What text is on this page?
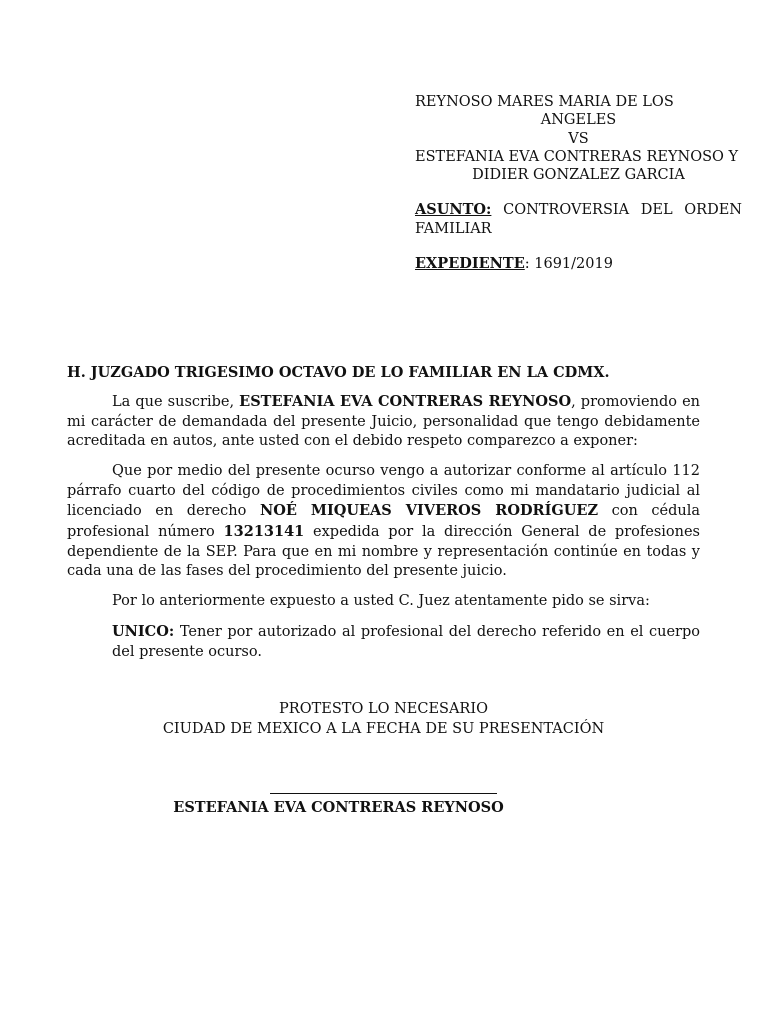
REYNOSO MARES MARIA DE LOS
ANGELES
VS
ESTEFANIA EVA CONTRERAS REYNOSO Y
DIDIER GONZALEZ GARCIA
ASUNTO: CONTROVERSIA DEL ORDEN FAMILIAR
EXPEDIENTE: 1691/2019
H. JUZGADO TRIGESIMO OCTAVO DE LO FAMILIAR EN LA CDMX.

La que suscribe, ESTEFANIA EVA CONTRERAS REYNOSO, promoviendo en mi carácter de demandada del presente Juicio, personalidad que tengo debidamente acreditada en autos, ante usted con el debido respeto comparezco a exponer:

Que por medio del presente ocurso vengo a autorizar conforme al artículo 112 párrafo cuarto del código de procedimientos civiles como mi mandatario judicial al licenciado en derecho NOÉ MIQUEAS VIVEROS RODRÍGUEZ con cédula profesional número 13213141 expedida por la dirección General de profesiones dependiente de la SEP. Para que en mi nombre y representación continúe en todas y cada una de las fases del procedimiento del presente juicio.

Por lo anteriormente expuesto a usted C. Juez atentamente pido se sirva:

UNICO: Tener por autorizado al profesional del derecho referido en el cuerpo del presente ocurso.

PROTESTO LO NECESARIO
CIUDAD DE MEXICO A LA FECHA DE SU PRESENTACIÓN
ESTEFANIA EVA CONTRERAS REYNOSO
